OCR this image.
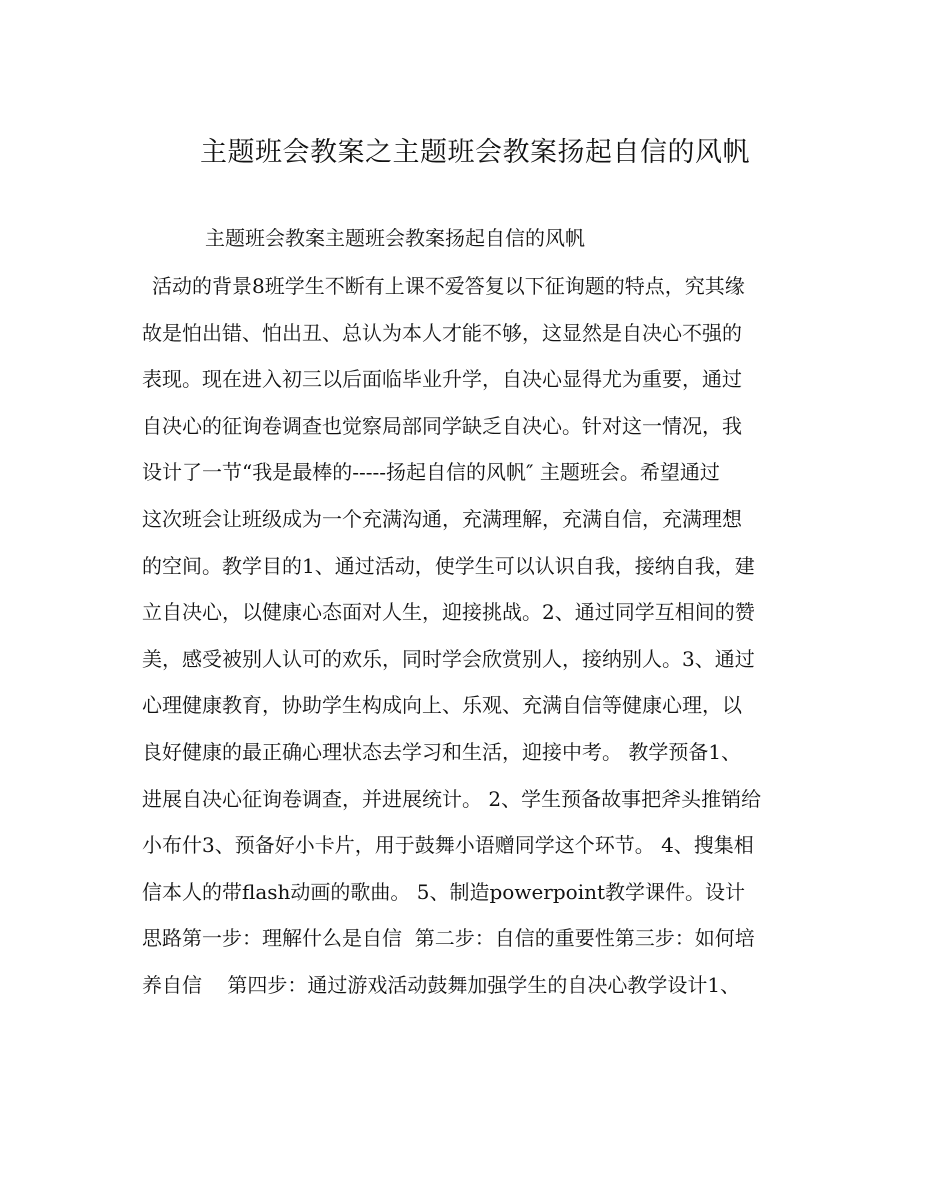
主题班会教案之主题班会教案扬起自信的风帆
主题班会教案主题班会教案扬起自信的风帆
活动的背景8班学生不断有上课不爱答复以下征询题的特点，究其缘
故是怕出错、怕出丑、总认为本人才能不够，这显然是自决心不强的
表现。现在进入初三以后面临毕业升学，自决心显得尤为重要，通过
自决心的征询卷调查也觉察局部同学缺乏自决心。针对这一情况，我
设计了一节“我是最棒的-----扬起自信的风帆″ 主题班会。希望通过
这次班会让班级成为一个充满沟通，充满理解，充满自信，充满理想
的空间。教学目的1、通过活动，使学生可以认识自我，接纳自我，建
立自决心，以健康心态面对人生，迎接挑战。2、通过同学互相间的赞
美，感受被别人认可的欢乐，同时学会欣赏别人，接纳别人。3、通过
心理健康教育，协助学生构成向上、乐观、充满自信等健康心理，以
良好健康的最正确心理状态去学习和生活，迎接中考。 教学预备1、
进展自决心征询卷调查，并进展统计。 2、学生预备故事把斧头推销给
小布什3、预备好小卡片，用于鼓舞小语赠同学这个环节。 4、搜集相
信本人的带flash动画的歌曲。 5、制造powerpoint教学课件。设计
思路第一步：理解什么是自信  第二步：自信的重要性第三步：如何培
养自信    第四步：通过游戏活动鼓舞加强学生的自决心教学设计1、
